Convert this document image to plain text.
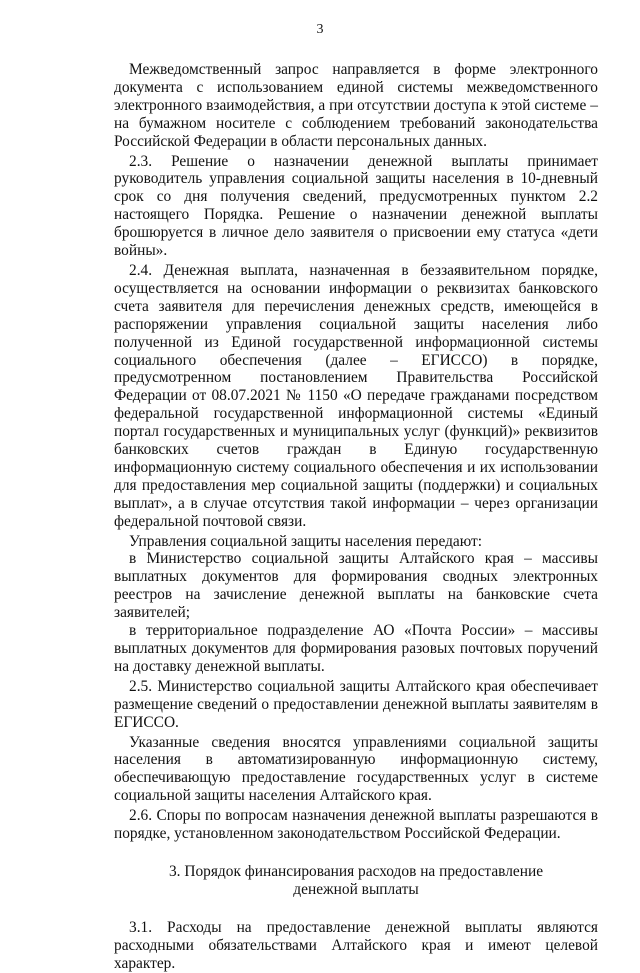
3

Межведомственный запрос направляется в форме электронного документа с использованием единой системы межведомственного электронного взаимодействия, а при отсутствии доступа к этой системе – на бумажном носителе с соблюдением требований законодательства Российской Федерации в области персональных данных.

2.3. Решение о назначении денежной выплаты принимает руководитель управления социальной защиты населения в 10-дневный срок со дня получения сведений, предусмотренных пунктом 2.2 настоящего Порядка. Решение о назначении денежной выплаты брошюруется в личное дело заявителя о присвоении ему статуса «дети войны».

2.4. Денежная выплата, назначенная в беззаявительном порядке, осуществляется на основании информации о реквизитах банковского счета заявителя для перечисления денежных средств, имеющейся в распоряжении управления социальной защиты населения либо полученной из Единой государственной информационной системы социального обеспечения (далее – ЕГИССО) в порядке, предусмотренном постановлением Правительства Российской Федерации от 08.07.2021 № 1150 «О передаче гражданами посредством федеральной государственной информационной системы «Единый портал государственных и муниципальных услуг (функций)» реквизитов банковских счетов граждан в Единую государственную информационную систему социального обеспечения и их использовании для предоставления мер социальной защиты (поддержки) и социальных выплат», а в случае отсутствия такой информации – через организации федеральной почтовой связи.

Управления социальной защиты населения передают:

в Министерство социальной защиты Алтайского края – массивы выплатных документов для формирования сводных электронных реестров на зачисление денежной выплаты на банковские счета заявителей;

в территориальное подразделение АО «Почта России» – массивы выплатных документов для формирования разовых почтовых поручений на доставку денежной выплаты.

2.5. Министерство социальной защиты Алтайского края обеспечивает размещение сведений о предоставлении денежной выплаты заявителям в ЕГИССО.

Указанные сведения вносятся управлениями социальной защиты населения в автоматизированную информационную систему, обеспечивающую предоставление государственных услуг в системе социальной защиты населения Алтайского края.

2.6. Споры по вопросам назначения денежной выплаты разрешаются в порядке, установленном законодательством Российской Федерации.

3. Порядок финансирования расходов на предоставление

денежной выплаты

3.1. Расходы на предоставление денежной выплаты являются расходными обязательствами Алтайского края и имеют целевой характер.
